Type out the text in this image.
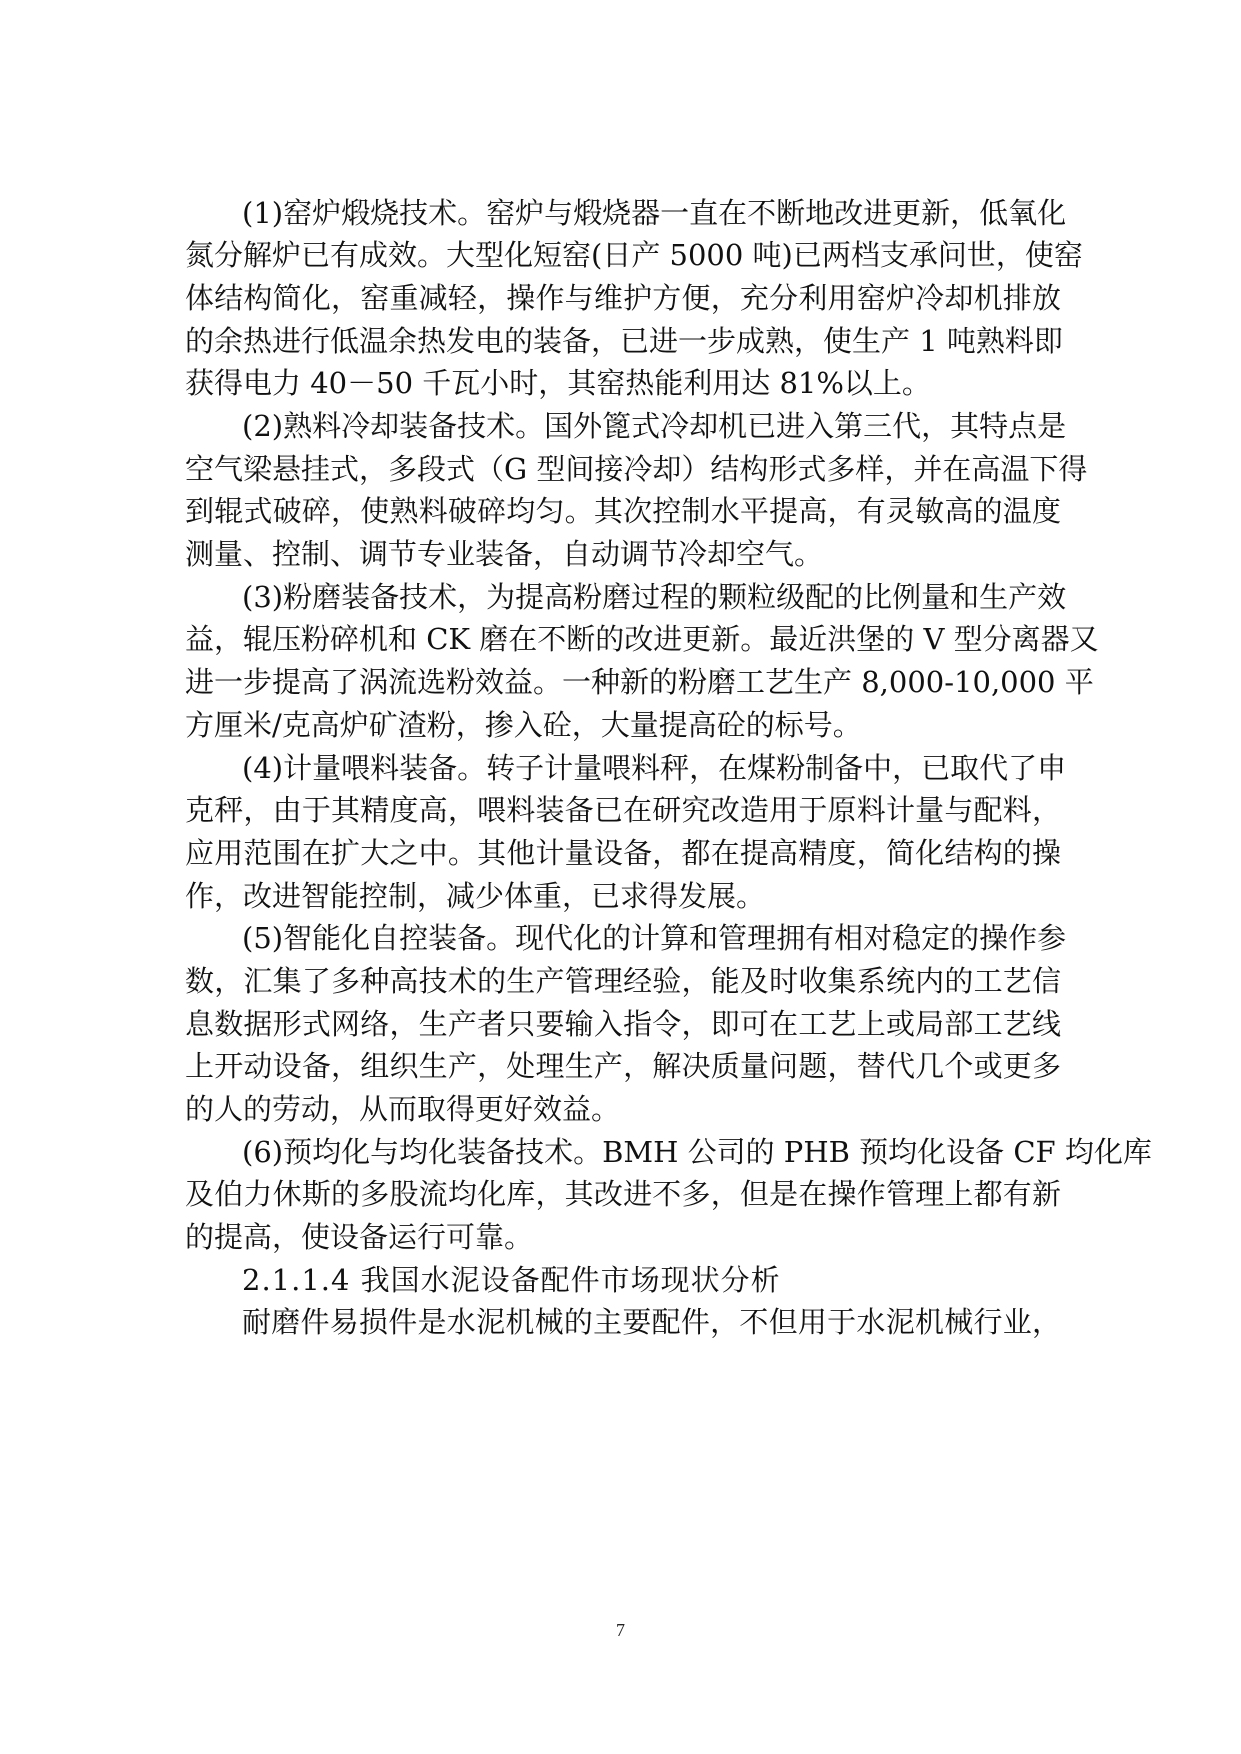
(1)窑炉煅烧技术。窑炉与煅烧器一直在不断地改进更新，低氧化
氮分解炉已有成效。大型化短窑(日产 5000 吨)已两档支承问世，使窑
体结构简化，窑重减轻，操作与维护方便，充分利用窑炉冷却机排放
的余热进行低温余热发电的装备，已进一步成熟，使生产 1 吨熟料即
获得电力 40－50 千瓦小时，其窑热能利用达 81%以上。
(2)熟料冷却装备技术。国外篦式冷却机已进入第三代，其特点是
空气梁悬挂式，多段式（G 型间接冷却）结构形式多样，并在高温下得
到辊式破碎，使熟料破碎均匀。其次控制水平提高，有灵敏高的温度
测量、控制、调节专业装备，自动调节冷却空气。
(3)粉磨装备技术，为提高粉磨过程的颗粒级配的比例量和生产效
益，辊压粉碎机和 CK 磨在不断的改进更新。最近洪堡的 V 型分离器又
进一步提高了涡流选粉效益。一种新的粉磨工艺生产 8,000-10,000 平
方厘米/克高炉矿渣粉，掺入砼，大量提高砼的标号。
(4)计量喂料装备。转子计量喂料秤，在煤粉制备中，已取代了申
克秤，由于其精度高，喂料装备已在研究改造用于原料计量与配料，
应用范围在扩大之中。其他计量设备，都在提高精度，简化结构的操
作，改进智能控制，减少体重，已求得发展。
(5)智能化自控装备。现代化的计算和管理拥有相对稳定的操作参
数，汇集了多种高技术的生产管理经验，能及时收集系统内的工艺信
息数据形式网络，生产者只要输入指令，即可在工艺上或局部工艺线
上开动设备，组织生产，处理生产，解决质量问题，替代几个或更多
的人的劳动，从而取得更好效益。
(6)预均化与均化装备技术。BMH 公司的 PHB 预均化设备 CF 均化库
及伯力休斯的多股流均化库，其改进不多，但是在操作管理上都有新
的提高，使设备运行可靠。
2.1.1.4 我国水泥设备配件市场现状分析
耐磨件易损件是水泥机械的主要配件，不但用于水泥机械行业，
7
